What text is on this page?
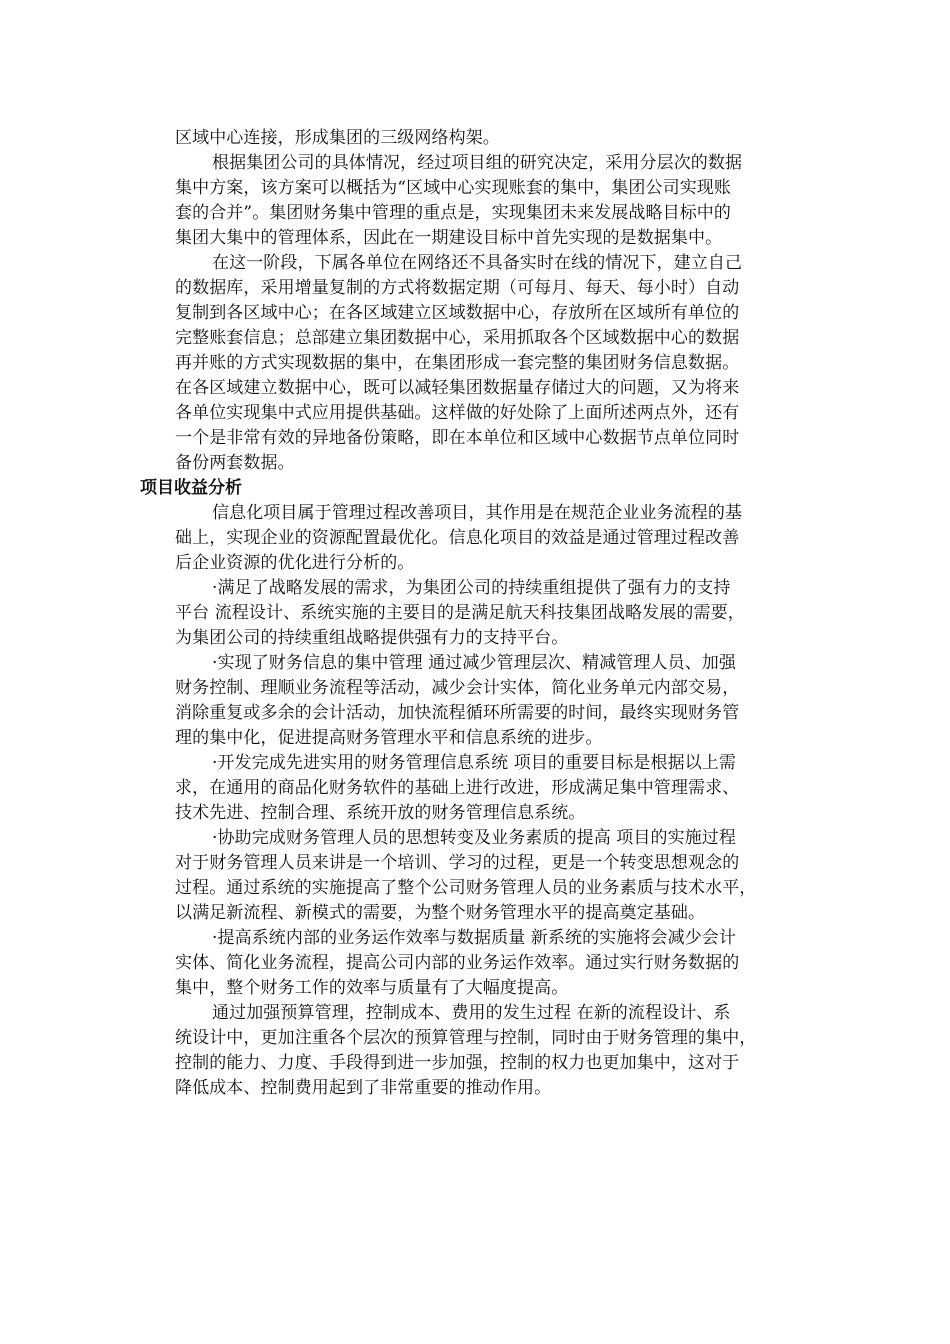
区域中心连接，形成集团的三级网络构架。
根据集团公司的具体情况，经过项目组的研究决定，采用分层次的数据
集中方案，该方案可以概括为“区域中心实现账套的集中，集团公司实现账
套的合并”。集团财务集中管理的重点是，实现集团未来发展战略目标中的
集团大集中的管理体系，因此在一期建设目标中首先实现的是数据集中。
在这一阶段，下属各单位在网络还不具备实时在线的情况下，建立自己
的数据库，采用增量复制的方式将数据定期（可每月、每天、每小时）自动
复制到各区域中心；在各区域建立区域数据中心，存放所在区域所有单位的
完整账套信息；总部建立集团数据中心，采用抓取各个区域数据中心的数据
再并账的方式实现数据的集中，在集团形成一套完整的集团财务信息数据。
在各区域建立数据中心，既可以减轻集团数据量存储过大的问题，又为将来
各单位实现集中式应用提供基础。这样做的好处除了上面所述两点外，还有
一个是非常有效的异地备份策略，即在本单位和区域中心数据节点单位同时
备份两套数据。
项目收益分析
信息化项目属于管理过程改善项目，其作用是在规范企业业务流程的基
础上，实现企业的资源配置最优化。信息化项目的效益是通过管理过程改善
后企业资源的优化进行分析的。
·满足了战略发展的需求，为集团公司的持续重组提供了强有力的支持
平台 流程设计、系统实施的主要目的是满足航天科技集团战略发展的需要，
为集团公司的持续重组战略提供强有力的支持平台。
·实现了财务信息的集中管理 通过减少管理层次、精减管理人员、加强
财务控制、理顺业务流程等活动，减少会计实体，简化业务单元内部交易，
消除重复或多余的会计活动，加快流程循环所需要的时间，最终实现财务管
理的集中化，促进提高财务管理水平和信息系统的进步。
·开发完成先进实用的财务管理信息系统 项目的重要目标是根据以上需
求，在通用的商品化财务软件的基础上进行改进，形成满足集中管理需求、
技术先进、控制合理、系统开放的财务管理信息系统。
·协助完成财务管理人员的思想转变及业务素质的提高 项目的实施过程
对于财务管理人员来讲是一个培训、学习的过程，更是一个转变思想观念的
过程。通过系统的实施提高了整个公司财务管理人员的业务素质与技术水平，
以满足新流程、新模式的需要，为整个财务管理水平的提高奠定基础。
·提高系统内部的业务运作效率与数据质量 新系统的实施将会减少会计
实体、简化业务流程，提高公司内部的业务运作效率。通过实行财务数据的
集中，整个财务工作的效率与质量有了大幅度提高。
通过加强预算管理，控制成本、费用的发生过程 在新的流程设计、系
统设计中，更加注重各个层次的预算管理与控制，同时由于财务管理的集中，
控制的能力、力度、手段得到进一步加强，控制的权力也更加集中，这对于
降低成本、控制费用起到了非常重要的推动作用。
